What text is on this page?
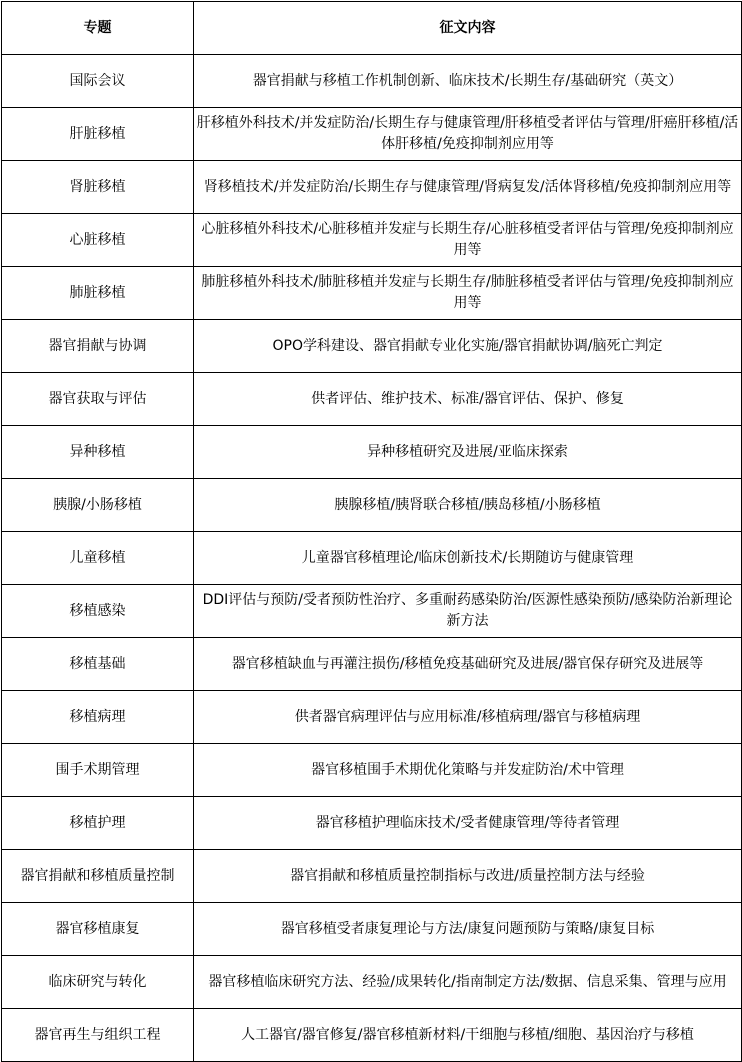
专题	征文内容
国际会议	器官捐献与移植工作机制创新、临床技术/长期生存/基础研究（英文）
肝脏移植	肝移植外科技术/并发症防治/长期生存与健康管理/肝移植受者评估与管理/肝癌肝移植/活体肝移植/免疫抑制剂应用等
肾脏移植	肾移植技术/并发症防治/长期生存与健康管理/肾病复发/活体肾移植/免疫抑制剂应用等
心脏移植	心脏移植外科技术/心脏移植并发症与长期生存/心脏移植受者评估与管理/免疫抑制剂应用等
肺脏移植	肺脏移植外科技术/肺脏移植并发症与长期生存/肺脏移植受者评估与管理/免疫抑制剂应用等
器官捐献与协调	OPO学科建设、器官捐献专业化实施/器官捐献协调/脑死亡判定
器官获取与评估	供者评估、维护技术、标准/器官评估、保护、修复
异种移植	异种移植研究及进展/亚临床探索
胰腺/小肠移植	胰腺移植/胰肾联合移植/胰岛移植/小肠移植
儿童移植	儿童器官移植理论/临床创新技术/长期随访与健康管理
移植感染	DDI评估与预防/受者预防性治疗、多重耐药感染防治/医源性感染预防/感染防治新理论新方法
移植基础	器官移植缺血与再灌注损伤/移植免疫基础研究及进展/器官保存研究及进展等
移植病理	供者器官病理评估与应用标准/移植病理/器官与移植病理
围手术期管理	器官移植围手术期优化策略与并发症防治/术中管理
移植护理	器官移植护理临床技术/受者健康管理/等待者管理
器官捐献和移植质量控制	器官捐献和移植质量控制指标与改进/质量控制方法与经验
器官移植康复	器官移植受者康复理论与方法/康复问题预防与策略/康复目标
临床研究与转化	器官移植临床研究方法、经验/成果转化/指南制定方法/数据、信息采集、管理与应用
器官再生与组织工程	人工器官/器官修复/器官移植新材料/干细胞与移植/细胞、基因治疗与移植
